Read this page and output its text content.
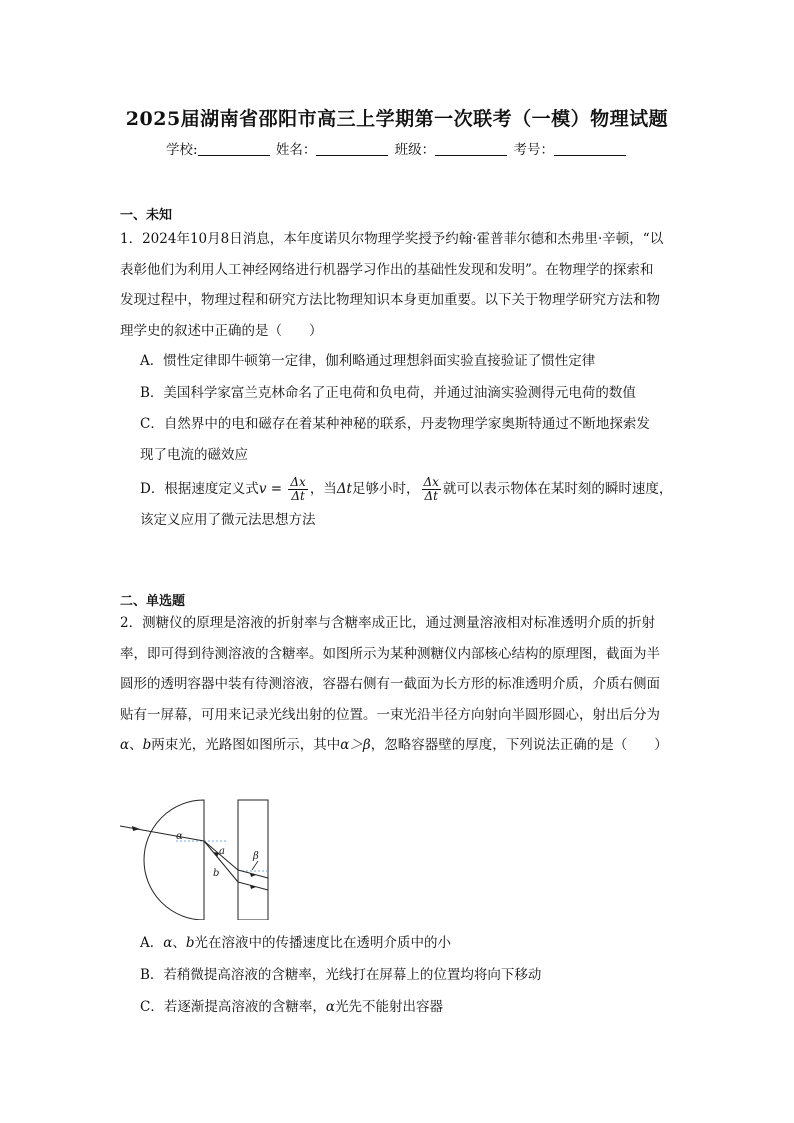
2025届湖南省邵阳市高三上学期第一次联考（一模）物理试题
学校:	姓名：	班级：	考号：
一、未知
1．2024年10月8日消息，本年度诺贝尔物理学奖授予约翰·霍普菲尔德和杰弗里·辛顿，“以
表彰他们为利用人工神经网络进行机器学习作出的基础性发现和发明”。在物理学的探索和
发现过程中，物理过程和研究方法比物理知识本身更加重要。以下关于物理学研究方法和物
理学史的叙述中正确的是（　　）
A．惯性定律即牛顿第一定律，伽利略通过理想斜面实验直接验证了惯性定律
B．美国科学家富兰克林命名了正电荷和负电荷，并通过油滴实验测得元电荷的数值
C．自然界中的电和磁存在着某种神秘的联系，丹麦物理学家奥斯特通过不断地探索发
现了电流的磁效应
D．根据速度定义式$v = \frac{\Delta x}{\Delta t}$ ，当Δt足够小时， $\frac{\Delta x}{\Delta t}$ 就可以表示物体在某时刻的瞬时速度，
该定义应用了微元法思想方法
二、单选题
2．测糖仪的原理是溶液的折射率与含糖率成正比，通过测量溶液相对标准透明介质的折射
率，即可得到待测溶液的含糖率。如图所示为某种测糖仪内部核心结构的原理图，截面为半
圆形的透明容器中装有待测溶液，容器右侧有一截面为长方形的标准透明介质，介质右侧面
贴有一屏幕，可用来记录光线出射的位置。一束光沿半径方向射向半圆形圆心，射出后分为
α、b两束光，光路图如图所示，其中α＞β，忽略容器壁的厚度，下列说法正确的是（　　）
α
a
b
β
A．α、b光在溶液中的传播速度比在透明介质中的小
B．若稍微提高溶液的含糖率，光线打在屏幕上的位置均将向下移动
C．若逐渐提高溶液的含糖率，α光先不能射出容器
